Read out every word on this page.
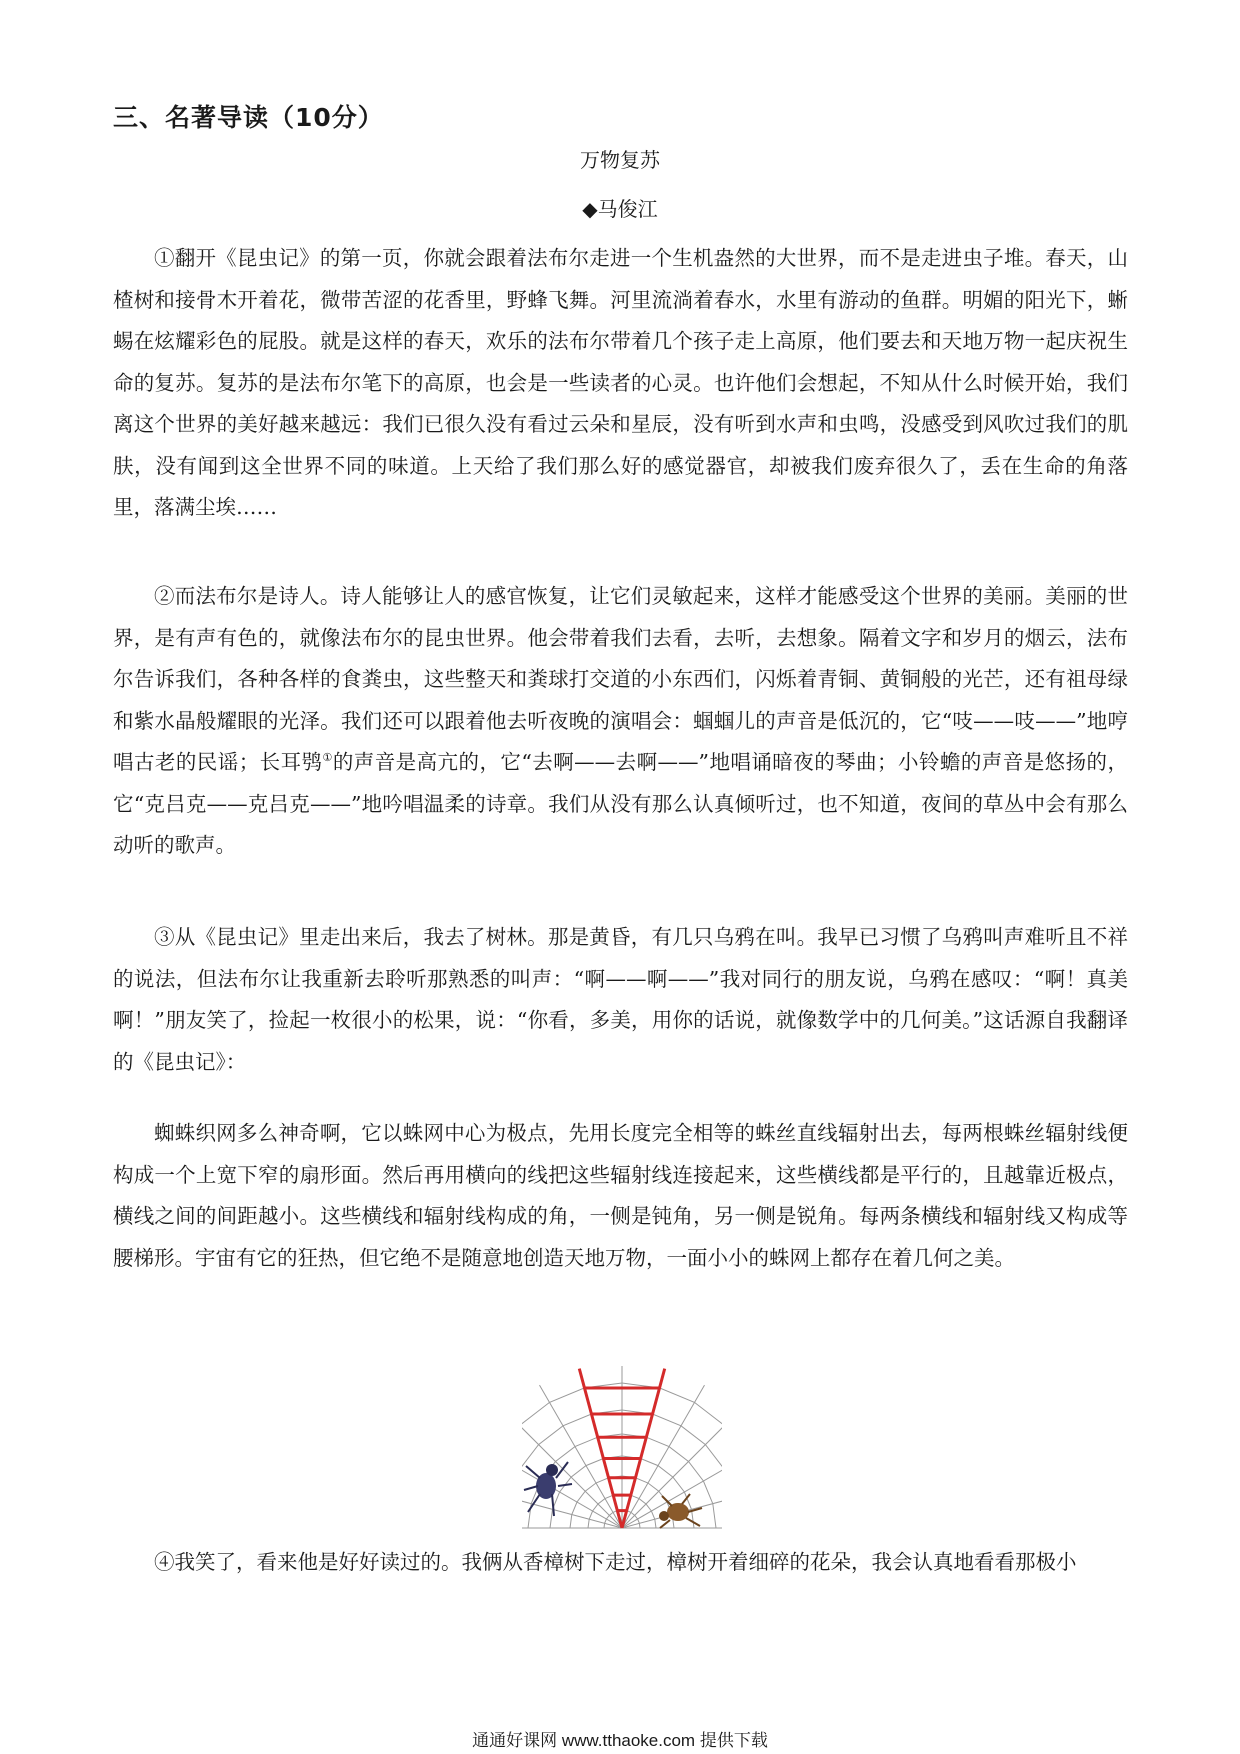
三、名著导读（10分）
万物复苏
◆马俊江

①翻开《昆虫记》的第一页，你就会跟着法布尔走进一个生机盎然的大世界，而不是走进虫子堆。春天，山楂树和接骨木开着花，微带苦涩的花香里，野蜂飞舞。河里流淌着春水，水里有游动的鱼群。明媚的阳光下，蜥蜴在炫耀彩色的屁股。就是这样的春天，欢乐的法布尔带着几个孩子走上高原，他们要去和天地万物一起庆祝生命的复苏。复苏的是法布尔笔下的高原，也会是一些读者的心灵。也许他们会想起，不知从什么时候开始，我们离这个世界的美好越来越远：我们已很久没有看过云朵和星辰，没有听到水声和虫鸣，没感受到风吹过我们的肌肤，没有闻到这全世界不同的味道。上天给了我们那么好的感觉器官，却被我们废弃很久了，丢在生命的角落里，落满尘埃……

②而法布尔是诗人。诗人能够让人的感官恢复，让它们灵敏起来，这样才能感受这个世界的美丽。美丽的世界，是有声有色的，就像法布尔的昆虫世界。他会带着我们去看，去听，去想象。隔着文字和岁月的烟云，法布尔告诉我们，各种各样的食粪虫，这些整天和粪球打交道的小东西们，闪烁着青铜、黄铜般的光芒，还有祖母绿和紫水晶般耀眼的光泽。我们还可以跟着他去听夜晚的演唱会：蝈蝈儿的声音是低沉的，它“吱——吱——”地哼唱古老的民谣；长耳鸮①的声音是高亢的，它“去啊——去啊——”地唱诵暗夜的琴曲；小铃蟾的声音是悠扬的，它“克吕克——克吕克——”地吟唱温柔的诗章。我们从没有那么认真倾听过，也不知道，夜间的草丛中会有那么动听的歌声。

③从《昆虫记》里走出来后，我去了树林。那是黄昏，有几只乌鸦在叫。我早已习惯了乌鸦叫声难听且不祥的说法，但法布尔让我重新去聆听那熟悉的叫声：“啊——啊——”我对同行的朋友说，乌鸦在感叹：“啊！真美啊！”朋友笑了，捡起一枚很小的松果，说：“你看，多美，用你的话说，就像数学中的几何美。”这话源自我翻译的《昆虫记》：

蜘蛛织网多么神奇啊，它以蛛网中心为极点，先用长度完全相等的蛛丝直线辐射出去，每两根蛛丝辐射线便构成一个上宽下窄的扇形面。然后再用横向的线把这些辐射线连接起来，这些横线都是平行的，且越靠近极点，横线之间的间距越小。这些横线和辐射线构成的角，一侧是钝角，另一侧是锐角。每两条横线和辐射线又构成等腰梯形。宇宙有它的狂热，但它绝不是随意地创造天地万物，一面小小的蛛网上都存在着几何之美。

④我笑了，看来他是好好读过的。我俩从香樟树下走过，樟树开着细碎的花朵，我会认真地看看那极小

通通好课网 www.tthaoke.com 提供下载
